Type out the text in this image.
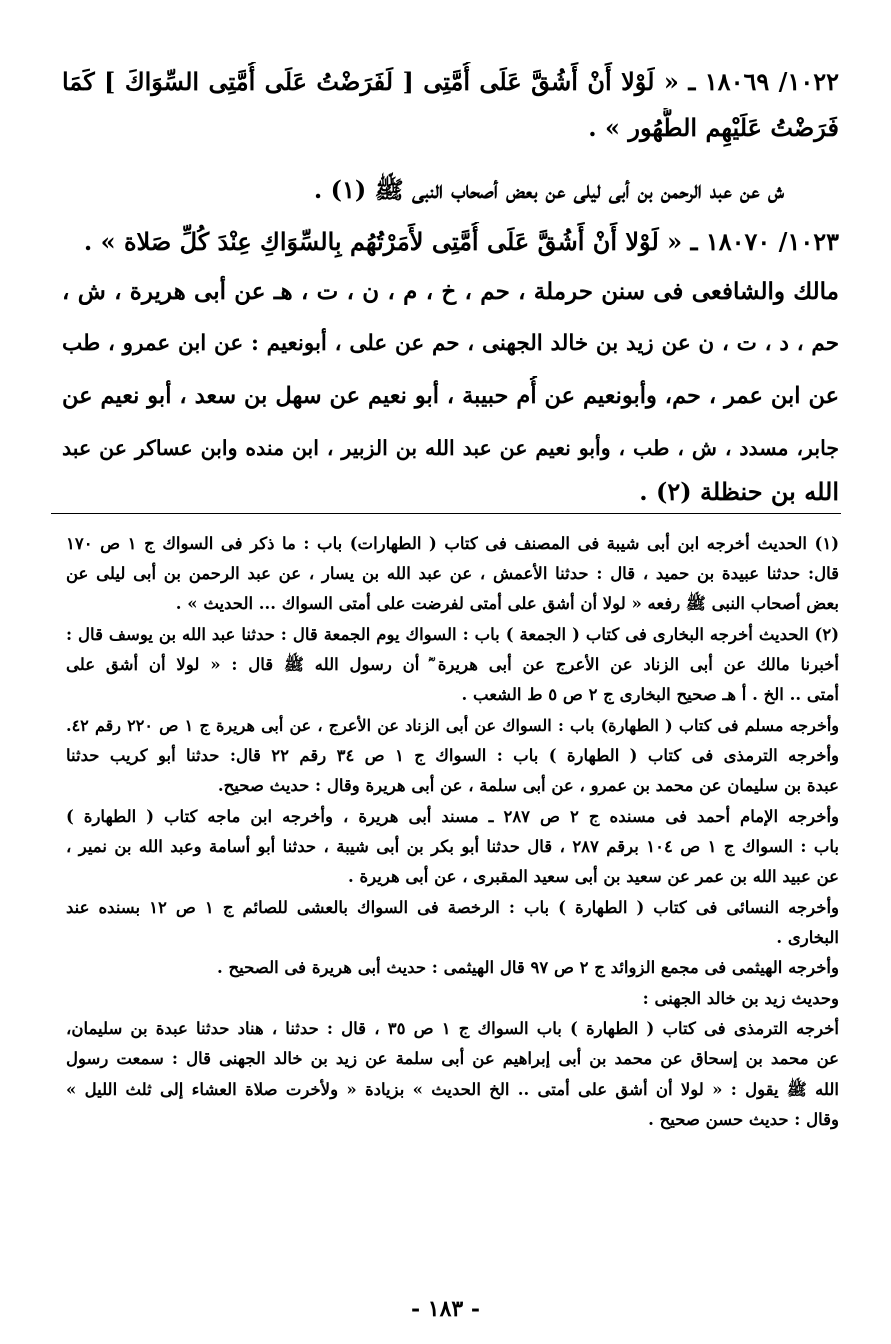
١٠٢٢/ ١٨٠٦٩ ـ « لَوْلا أَنْ أَشُقَّ عَلَى أُمَّتِى [ لَفَرَضْتُ عَلَى أُمَّتِى السِّوَاكَ ] كَمَا
فَرَضْتُ عَلَيْهِم الطُّهُور » .
ش عن عبد الرحمن بن أبى ليلى عن بعض أصحاب النبى ﷺ (١) .
١٠٢٣/ ١٨٠٧٠ ـ « لَوْلا أَنْ أَشُقَّ عَلَى أُمَّتِى لأَمَرْتُهُم بِالسِّوَاكِ عِنْدَ كُلِّ صَلاة » .
مالك والشافعى فى سنن حرملة ، حم ، خ ، م ، ن ، ت ، هـ عن أبى هريرة ، ش ،
حم ، د ، ت ، ن عن زيد بن خالد الجهنى ، حم عن على ، أبونعيم : عن ابن عمرو ، طب
عن ابن عمر ، حم، وأبونعيم عن أُم حبيبة ، أبو نعيم عن سهل بن سعد ، أبو نعيم عن
جابر، مسدد ، ش ، طب ، وأبو نعيم عن عبد الله بن الزبير ، ابن منده وابن عساكر عن عبد
الله بن حنظلة (٢) .
(١) الحديث أخرجه ابن أبى شيبة فى المصنف فى كتاب ( الطهارات) باب : ما ذكر فى السواك ج ١ ص ١٧٠
قال: حدثنا عبيدة بن حميد ، قال : حدثنا الأعمش ، عن عبد الله بن يسار ، عن عبد الرحمن بن أبى ليلى عن
بعض أصحاب النبى ﷺ رفعه « لولا أن أشق على أمتى لفرضت على أمتى السواك ... الحديث » .
(٢) الحديث أخرجه البخارى فى كتاب ( الجمعة ) باب : السواك يوم الجمعة قال : حدثنا عبد الله بن يوسف قال :
أخبرنا مالك عن أبى الزناد عن الأعرج عن أبى هريرة ؓ أن رسول الله ﷺ قال : « لولا أن أشق على
أمتى .. الخ . أ هـ صحيح البخارى ج ٢ ص ٥ ط الشعب .
وأخرجه مسلم فى كتاب ( الطهارة) باب : السواك عن أبى الزناد عن الأعرج ، عن أبى هريرة ج ١ ص ٢٢٠ رقم ٤٢.
وأخرجه الترمذى فى كتاب ( الطهارة ) باب : السواك ج ١ ص ٣٤ رقم ٢٢ قال: حدثنا أبو كريب حدثنا
عبدة بن سليمان عن محمد بن عمرو ، عن أبى سلمة ، عن أبى هريرة وقال : حديث صحيح.
وأخرجه الإمام أحمد فى مسنده ج ٢ ص ٢٨٧ ـ مسند أبى هريرة ، وأخرجه ابن ماجه كتاب ( الطهارة )
باب : السواك ج ١ ص ١٠٤ برقم ٢٨٧ ، قال حدثنا أبو بكر بن أبى شيبة ، حدثنا أبو أسامة وعبد الله بن نمير ،
عن عبيد الله بن عمر عن سعيد بن أبى سعيد المقبرى ، عن أبى هريرة .
وأخرجه النسائى فى كتاب ( الطهارة ) باب : الرخصة فى السواك بالعشى للصائم ج ١ ص ١٢ بسنده عند
البخارى .
وأخرجه الهيثمى فى مجمع الزوائد ج ٢ ص ٩٧ قال الهيثمى : حديث أبى هريرة فى الصحيح .
وحديث زيد بن خالد الجهنى :
أخرجه الترمذى فى كتاب ( الطهارة ) باب السواك ج ١ ص ٣٥ ، قال : حدثنا ، هناد حدثنا عبدة بن سليمان،
عن محمد بن إسحاق عن محمد بن أبى إبراهيم عن أبى سلمة عن زيد بن خالد الجهنى قال : سمعت رسول
الله ﷺ يقول : « لولا أن أشق على أمتى .. الخ الحديث » بزيادة « ولأخرت صلاة العشاء إلى ثلث الليل »
وقال : حديث حسن صحيح .
- ١٨٣ -
